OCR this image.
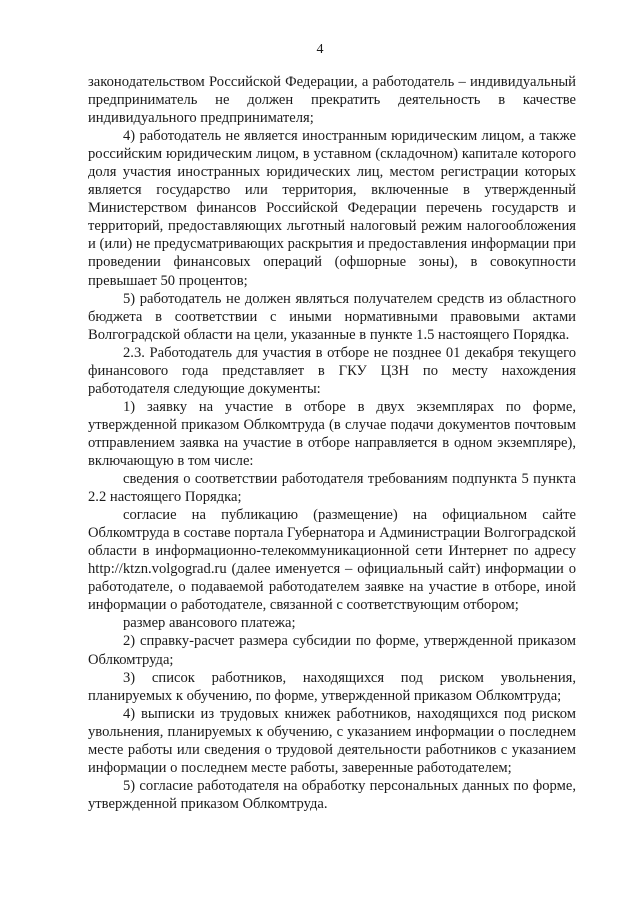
4

законодательством Российской Федерации, а работодатель – индивидуальный предприниматель не должен прекратить деятельность в качестве индивидуального предпринимателя;

4) работодатель не является иностранным юридическим лицом, а также российским юридическим лицом, в уставном (складочном) капитале которого доля участия иностранных юридических лиц, местом регистрации которых является государство или территория, включенные в утвержденный Министерством финансов Российской Федерации перечень государств и территорий, предоставляющих льготный налоговый режим налогообложения и (или) не предусматривающих раскрытия и предоставления информации при проведении финансовых операций (офшорные зоны), в совокупности превышает 50 процентов;

5) работодатель не должен являться получателем средств из областного бюджета в соответствии с иными нормативными правовыми актами Волгоградской области на цели, указанные в пункте 1.5 настоящего Порядка.

2.3. Работодатель для участия в отборе не позднее 01 декабря текущего финансового года представляет в ГКУ ЦЗН по месту нахождения работодателя следующие документы:

1) заявку на участие в отборе в двух экземплярах по форме, утвержденной приказом Облкомтруда (в случае подачи документов почтовым отправлением заявка на участие в отборе направляется в одном экземпляре), включающую в том числе:

сведения о соответствии работодателя требованиям подпункта 5 пункта 2.2 настоящего Порядка;

согласие на публикацию (размещение) на официальном сайте Облкомтруда в составе портала Губернатора и Администрации Волгоградской области в информационно-телекоммуникационной сети Интернет по адресу http://ktzn.volgograd.ru (далее именуется – официальный сайт) информации о работодателе, о подаваемой работодателем заявке на участие в отборе, иной информации о работодателе, связанной с соответствующим отбором;

размер авансового платежа;

2) справку-расчет размера субсидии по форме, утвержденной приказом Облкомтруда;

3) список работников, находящихся под риском увольнения, планируемых к обучению, по форме, утвержденной приказом Облкомтруда;

4) выписки из трудовых книжек работников, находящихся под риском увольнения, планируемых к обучению, с указанием информации о последнем месте работы или сведения о трудовой деятельности работников с указанием информации о последнем месте работы, заверенные работодателем;

5) согласие работодателя на обработку персональных данных по форме, утвержденной приказом Облкомтруда.
